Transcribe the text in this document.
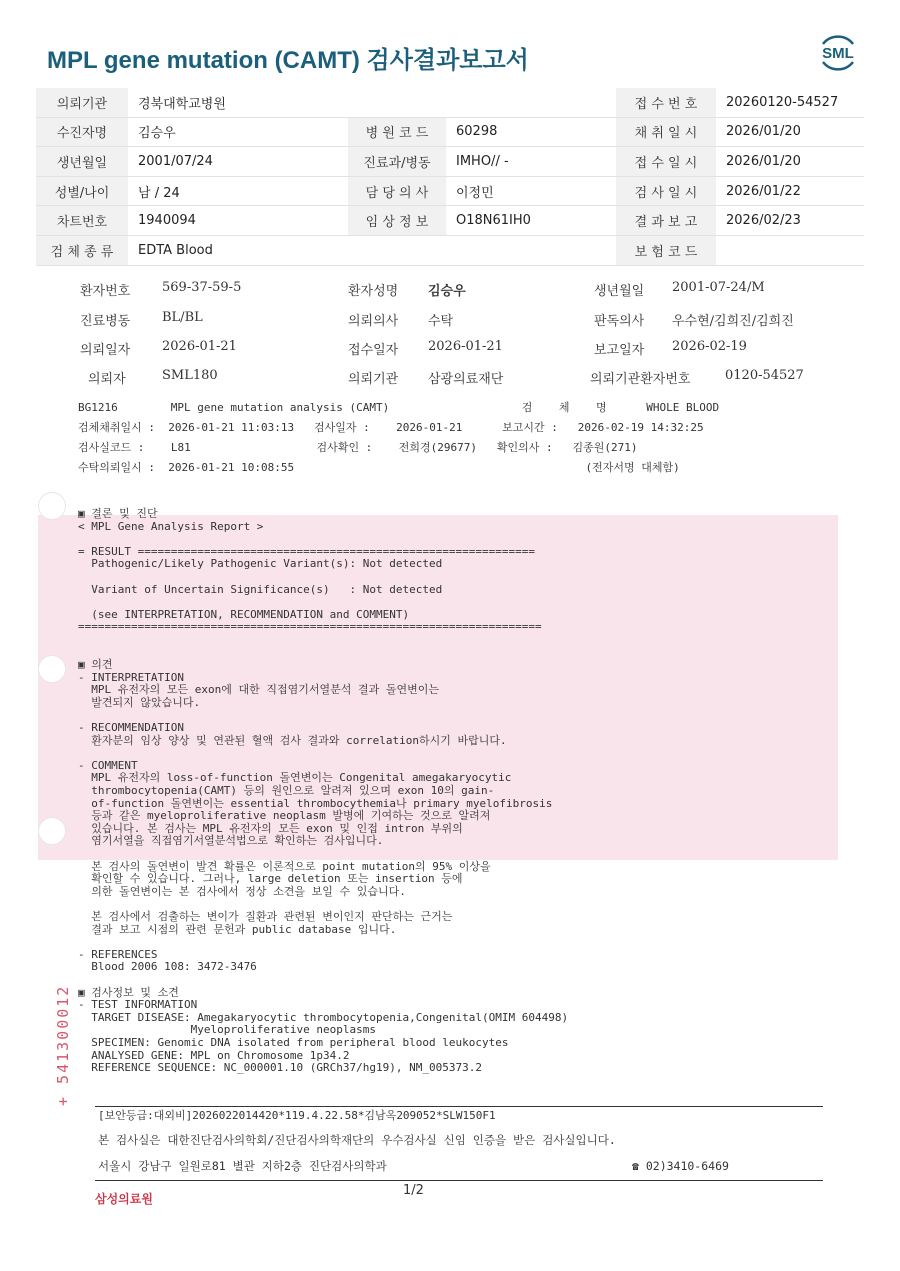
MPL gene mutation (CAMT) 검사결과보고서	SML
의뢰기관	경북대학교병원			접 수 번 호	20260120-54527
수진자명	김승우	병 원 코 드	60298	채 취 일 시	2026/01/20
생년월일	2001/07/24	진료과/병동	IMHO// -	접 수 일 시	2026/01/20
성별/나이	남 / 24	담 당 의 사	이정민	검 사 일 시	2026/01/22
차트번호	1940094	임 상 정 보	O18N61IH0	결 과 보 고	2026/02/23
검 체 종 류	EDTA Blood			보 험 코 드	
환자번호 569-37-59-5	환자성명 김승우	생년월일 2001-07-24/M
진료병동 BL/BL	의뢰의사 수탁	판독의사 우수현/김희진/김희진
의뢰일자 2026-01-21	접수일자 2026-01-21	보고일자 2026-02-19
의뢰자	SML180	의뢰기관 삼광의료재단	의뢰기관환자번호	0120-54527
BG1216        MPL gene mutation analysis (CAMT)                    검    체    명      WHOLE BLOOD
검체채취일시 :  2026-01-21 11:03:13   검사일자 :    2026-01-21      보고시간 :   2026-02-19 14:32:25
검사실코드 :    L81                   검사확인 :    전희경(29677)   확인의사 :   김종원(271)
수탁의뢰일시 :  2026-01-21 10:08:55                                            (전자서명 대체함)
▣ 결론 및 진단
< MPL Gene Analysis Report >
= RESULT ============================================================
Pathogenic/Likely Pathogenic Variant(s): Not detected
Variant of Uncertain Significance(s)   : Not detected
(see INTERPRETATION, RECOMMENDATION and COMMENT)
======================================================================
▣ 의견
- INTERPRETATION
MPL 유전자의 모든 exon에 대한 직접염기서열분석 결과 돌연변이는
발견되지 않았습니다.
- RECOMMENDATION
환자분의 임상 양상 및 연관된 혈액 검사 결과와 correlation하시기 바랍니다.
- COMMENT
MPL 유전자의 loss-of-function 돌연변이는 Congenital amegakaryocytic
thrombocytopenia(CAMT) 등의 원인으로 알려져 있으며 exon 10의 gain-
of-function 돌연변이는 essential thrombocythemia나 primary myelofibrosis
등과 같은 myeloproliferative neoplasm 발병에 기여하는 것으로 알려져
있습니다. 본 검사는 MPL 유전자의 모든 exon 및 인접 intron 부위의
염기서열을 직접염기서열분석법으로 확인하는 검사입니다.
본 검사의 돌연변이 발견 확률은 이론적으로 point mutation의 95% 이상을
확인할 수 있습니다. 그러나, large deletion 또는 insertion 등에
의한 돌연변이는 본 검사에서 정상 소견을 보일 수 있습니다.
본 검사에서 검출하는 변이가 질환과 관련된 변이인지 판단하는 근거는
결과 보고 시점의 관련 문헌과 public database 입니다.
- REFERENCES
Blood 2006 108: 3472-3476
▣ 검사정보 및 소견
- TEST INFORMATION
TARGET DISEASE: Amegakaryocytic thrombocytopenia,Congenital(OMIM 604498)
Myeloproliferative neoplasms
SPECIMEN: Genomic DNA isolated from peripheral blood leukocytes
ANALYSED GENE: MPL on Chromosome 1p34.2
REFERENCE SEQUENCE: NC_000001.10 (GRCh37/hg19), NM_005373.2
+ 541300012
[보안등급:대외비]2026022014420*119.4.22.58*김남옥209052*SLW150F1
본 검사실은 대한진단검사의학회/진단검사의학재단의 우수검사실 신임 인증을 받은 검사실입니다.
서울시 강남구 일원로81 별관 지하2층 진단검사의학과	☎ 02)3410-6469
삼성의료원
1/2
